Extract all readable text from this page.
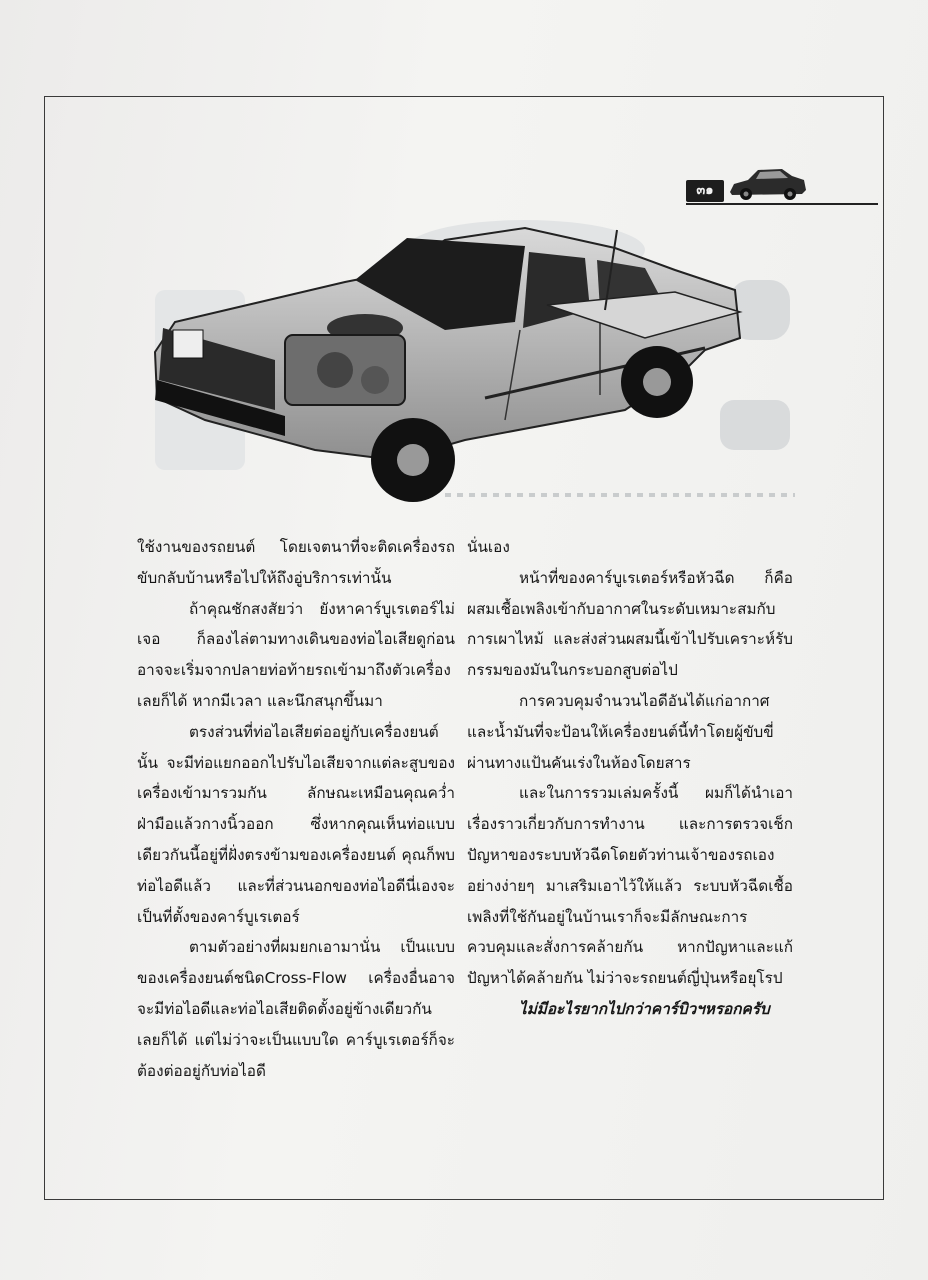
๓๑

ใช้งานของรถยนต์ โดยเจตนาที่จะติดเครื่องรถขับกลับบ้านหรือไปให้ถึงอู่บริการเท่านั้น

ถ้าคุณชักสงสัยว่า ยังหาคาร์บูเรเตอร์ไม่เจอ ก็ลองไล่ตามทางเดินของท่อไอเสียดูก่อน อาจจะเริ่มจากปลายท่อท้ายรถเข้ามาถึงตัวเครื่องเลยก็ได้ หากมีเวลา และนึกสนุกขึ้นมา

ตรงส่วนที่ท่อไอเสียต่ออยู่กับเครื่องยนต์นั้น จะมีท่อแยกออกไปรับไอเสียจากแต่ละสูบของเครื่องเข้ามารวมกัน ลักษณะเหมือนคุณคว่ำฝ่ามือแล้วกางนิ้วออก ซึ่งหากคุณเห็นท่อแบบเดียวกันนี้อยู่ที่ฝั่งตรงข้ามของเครื่องยนต์ คุณก็พบท่อไอดีแล้ว และที่ส่วนนอกของท่อไอดีนี่เองจะเป็นที่ตั้งของคาร์บูเรเตอร์

ตามตัวอย่างที่ผมยกเอามานั่น เป็นแบบของเครื่องยนต์ชนิดCross-Flow เครื่องอื่นอาจจะมีท่อไอดีและท่อไอเสียติดตั้งอยู่ข้างเดียวกันเลยก็ได้ แต่ไม่ว่าจะเป็นแบบใด คาร์บูเรเตอร์ก็จะต้องต่ออยู่กับท่อไอดี

นั่นเอง

หน้าที่ของคาร์บูเรเตอร์หรือหัวฉีด ก็คือผสมเชื้อเพลิงเข้ากับอากาศในระดับเหมาะสมกับการเผาไหม้ และส่งส่วนผสมนี้เข้าไปรับเคราะห์รับกรรมของมันในกระบอกสูบต่อไป

การควบคุมจำนวนไอดีอันได้แก่อากาศและน้ำมันที่จะป้อนให้เครื่องยนต์นี้ทำโดยผู้ขับขี่ผ่านทางแป้นคันเร่งในห้องโดยสาร

และในการรวมเล่มครั้งนี้ ผมก็ได้นำเอาเรื่องราวเกี่ยวกับการทำงาน และการตรวจเช็กปัญหาของระบบหัวฉีดโดยตัวท่านเจ้าของรถเองอย่างง่ายๆ มาเสริมเอาไว้ให้แล้ว ระบบหัวฉีดเชื้อเพลิงที่ใช้กันอยู่ในบ้านเราก็จะมีลักษณะการควบคุมและสั่งการคล้ายกัน หากปัญหาและแก้ปัญหาได้คล้ายกัน ไม่ว่าจะรถยนต์ญี่ปุ่นหรือยุโรป

ไม่มีอะไรยากไปกว่าคาร์บิวฯหรอกครับ
